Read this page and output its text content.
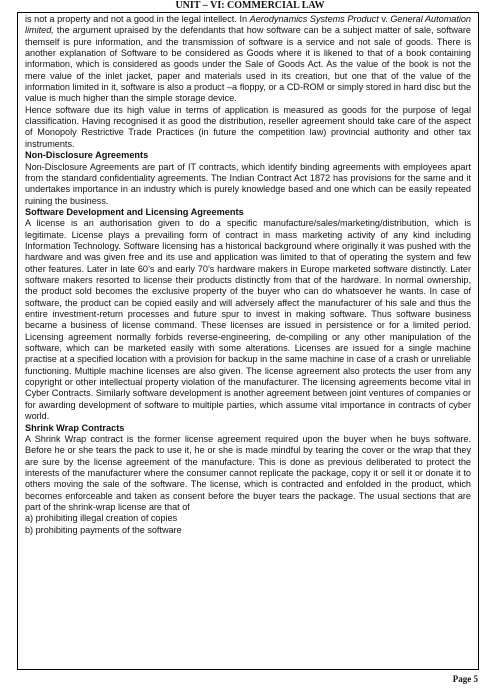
UNIT – VI: COMMERCIAL LAW

is not a property and not a good in the legal intellect. In Aerodynamics Systems Product v. General Automation limited, the argument upraised by the defendants that how software can be a subject matter of sale, software themself is pure information, and the transmission of software is a service and not sale of goods. There is another explanation of Software to be considered as Goods where it is likened to that of a book containing information, which is considered as goods under the Sale of Goods Act. As the value of the book is not the mere value of the inlet jacket, paper and materials used in its creation, but one that of the value of the information limited in it, software is also a product –a floppy, or a CD-ROM or simply stored in hard disc but the value is much higher than the simple storage device.

Hence software due its high value in terms of application is measured as goods for the purpose of legal classification. Having recognised it as good the distribution, reseller agreement should take care of the aspect of Monopoly Restrictive Trade Practices (in future the competition law) provincial authority and other tax instruments.

Non-Disclosure Agreements

Non-Disclosure Agreements are part of IT contracts, which identify binding agreements with employees apart from the standard confidentiality agreements. The Indian Contract Act 1872 has provisions for the same and it undertakes importance in an industry which is purely knowledge based and one which can be easily repeated ruining the business.

Software Development and Licensing Agreements

A license is an authorisation given to do a specific manufacture/sales/marketing/distribution, which is legitimate. License plays a prevailing form of contract in mass marketing activity of any kind including Information Technology. Software licensing has a historical background where originally it was pushed with the hardware and was given free and its use and application was limited to that of operating the system and few other features. Later in late 60’s and early 70’s hardware makers in Europe marketed software distinctly. Later software makers resorted to license their products distinctly from that of the hardware. In normal ownership, the product sold becomes the exclusive property of the buyer who can do whatsoever he wants. In case of software, the product can be copied easily and will adversely affect the manufacturer of his sale and thus the entire investment-return processes and future spur to invest in making software. Thus software business became a business of license command. These licenses are issued in persistence or for a limited period. Licensing agreement normally forbids reverse-engineering, de-compiling or any other manipulation of the software, which can be marketed easily with some alterations. Licenses are issued for a single machine practise at a specified location with a provision for backup in the same machine in case of a crash or unreliable functioning. Multiple machine licenses are also given. The license agreement also protects the user from any copyright or other intellectual property violation of the manufacturer. The licensing agreements become vital in Cyber Contracts. Similarly software development is another agreement between joint ventures of companies or for awarding development of software to multiple parties, which assume vital importance in contracts of cyber world.

Shrink Wrap Contracts

A Shrink Wrap contract is the former license agreement required upon the buyer when he buys software. Before he or she tears the pack to use it, he or she is made mindful by tearing the cover or the wrap that they are sure by the license agreement of the manufacture. This is done as previous deliberated to protect the interests of the manufacturer where the consumer cannot replicate the package, copy it or sell it or donate it to others moving the sale of the software. The license, which is contracted and enfolded in the product, which becomes enforceable and taken as consent before the buyer tears the package. The usual sections that are part of the shrink-wrap license are that of

a) prohibiting illegal creation of copies

b) prohibiting payments of the software

Page 5
